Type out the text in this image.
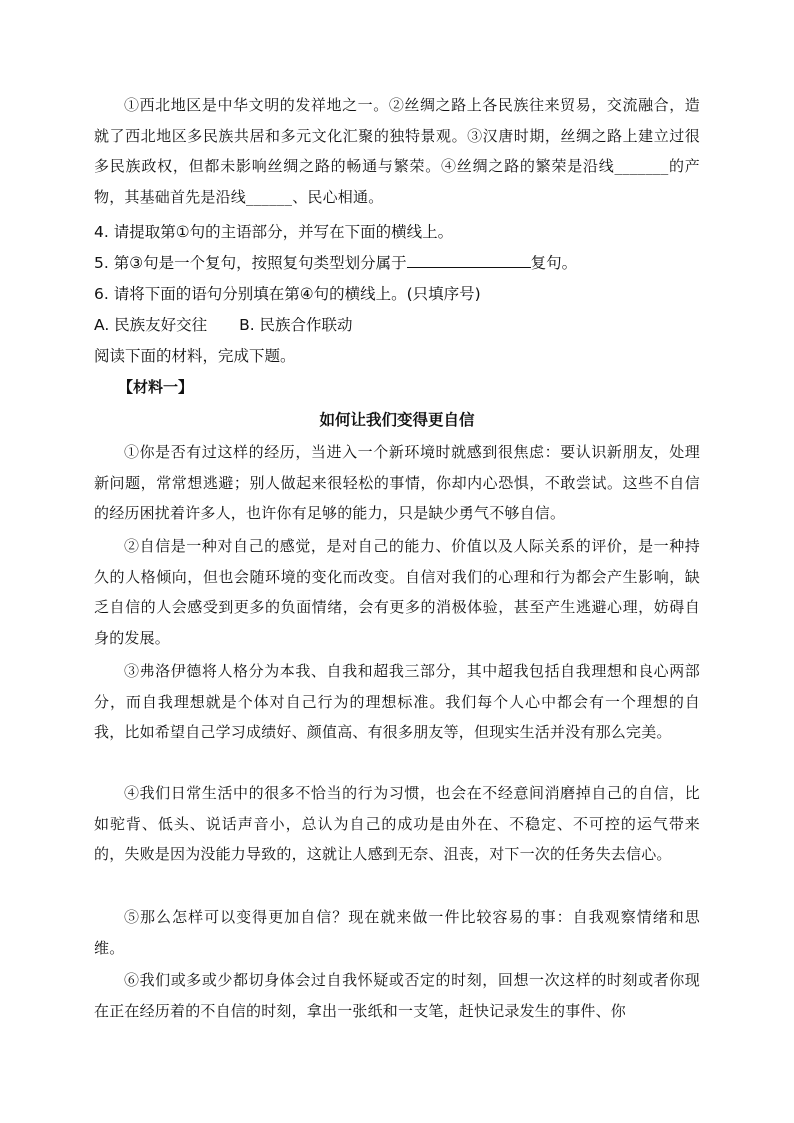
①西北地区是中华文明的发祥地之一。②丝绸之路上各民族往来贸易，交流融合，造就了西北地区多民族共居和多元文化汇聚的独特景观。③汉唐时期，丝绸之路上建立过很多民族政权，但都未影响丝绸之路的畅通与繁荣。④丝绸之路的繁荣是沿线_______的产物，其基础首先是沿线______、民心相通。

4. 请提取第①句的主语部分，并写在下面的横线上。
5. 第③句是一个复句，按照复句类型划分属于	复句。
6. 请将下面的语句分别填在第④句的横线上。(只填序号)
A. 民族友好交往 B. 民族合作联动
阅读下面的材料，完成下题。
【材料一】
如何让我们变得更自信

①你是否有过这样的经历，当进入一个新环境时就感到很焦虑：要认识新朋友，处理新问题，常常想逃避；别人做起来很轻松的事情，你却内心恐惧，不敢尝试。这些不自信的经历困扰着许多人，也许你有足够的能力，只是缺少勇气不够自信。

②自信是一种对自己的感觉，是对自己的能力、价值以及人际关系的评价，是一种持久的人格倾向，但也会随环境的变化而改变。自信对我们的心理和行为都会产生影响，缺乏自信的人会感受到更多的负面情绪，会有更多的消极体验，甚至产生逃避心理，妨碍自身的发展。

③弗洛伊德将人格分为本我、自我和超我三部分，其中超我包括自我理想和良心两部分，而自我理想就是个体对自己行为的理想标准。我们每个人心中都会有一个理想的自我，比如希望自己学习成绩好、颜值高、有很多朋友等，但现实生活并没有那么完美。

④我们日常生活中的很多不恰当的行为习惯，也会在不经意间消磨掉自己的自信，比如驼背、低头、说话声音小，总认为自己的成功是由外在、不稳定、不可控的运气带来的，失败是因为没能力导致的，这就让人感到无奈、沮丧，对下一次的任务失去信心。

⑤那么怎样可以变得更加自信？现在就来做一件比较容易的事：自我观察情绪和思维。

⑥我们或多或少都切身体会过自我怀疑或否定的时刻，回想一次这样的时刻或者你现在正在经历着的不自信的时刻，拿出一张纸和一支笔，赶快记录发生的事件、你
